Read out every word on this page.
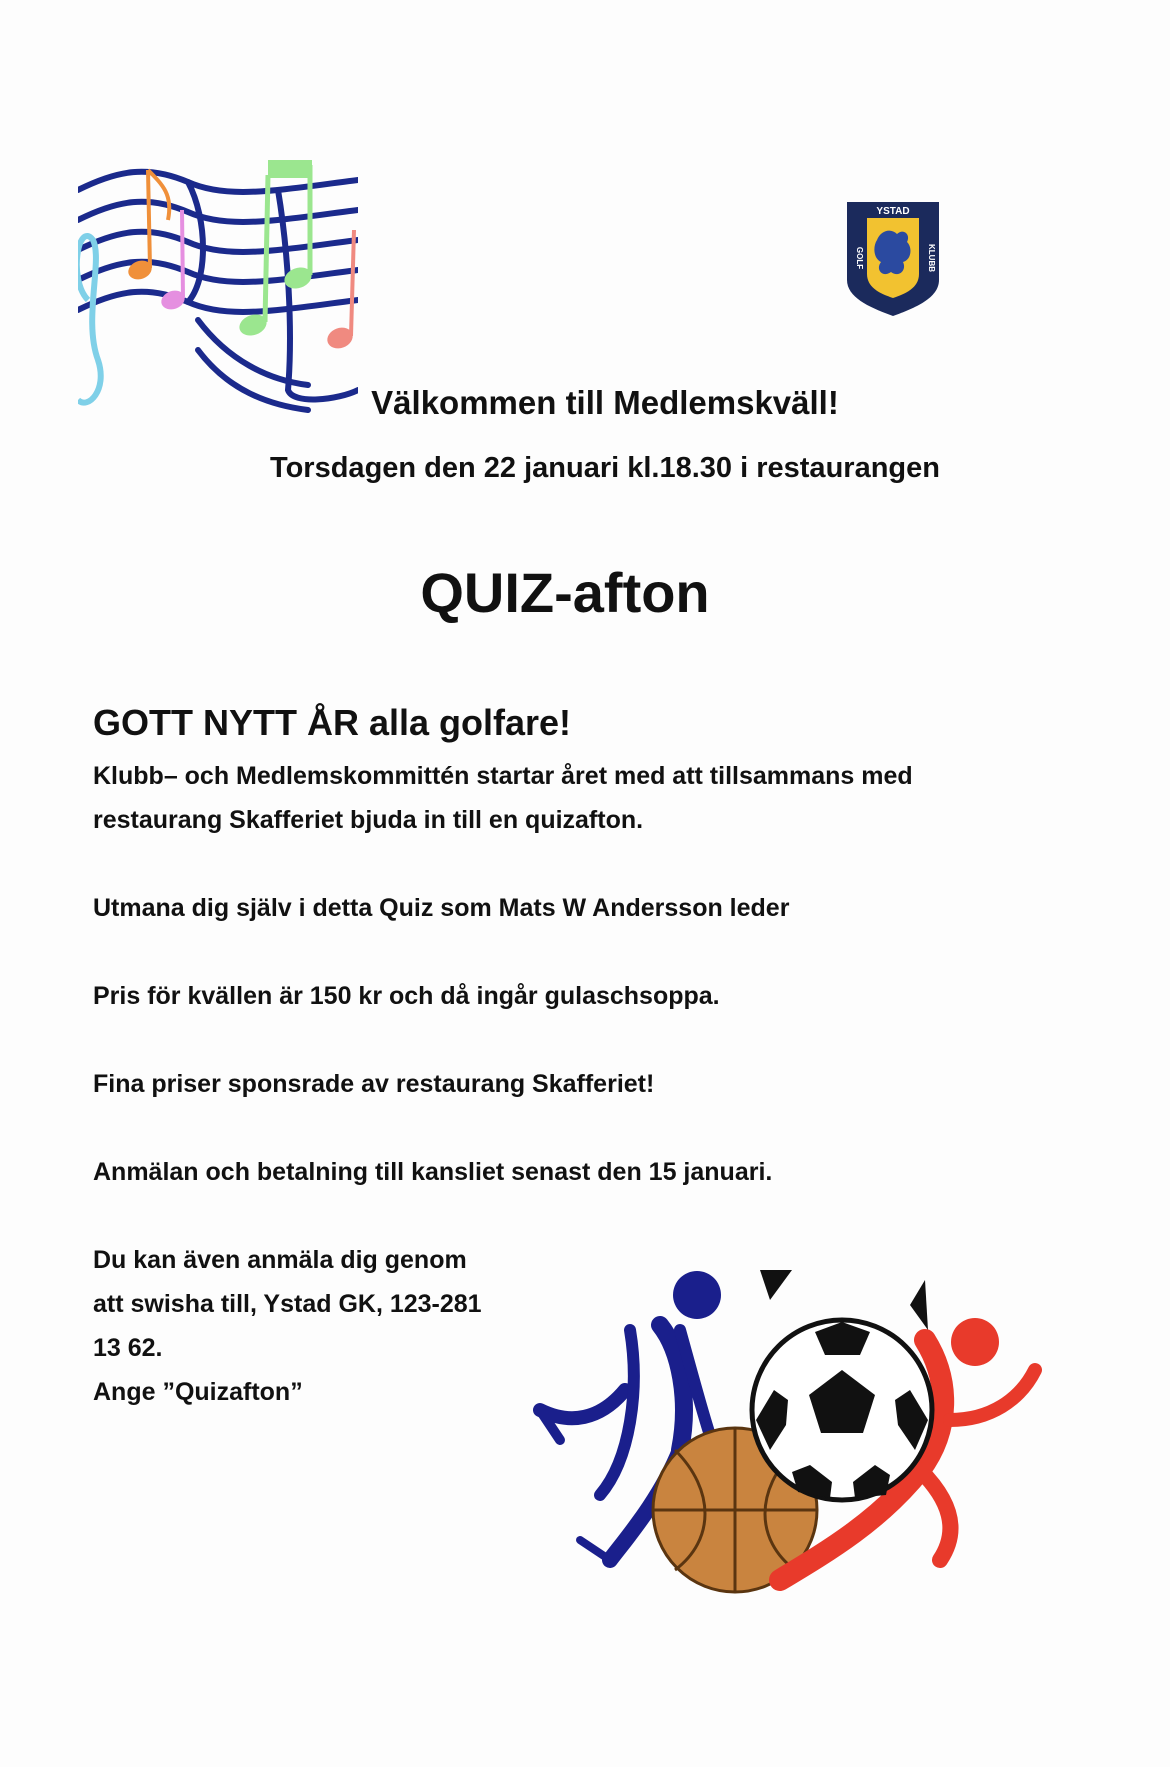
YSTAD
GOLF	KLUBB
Välkommen till Medlemskväll!

Torsdagen den 22 januari kl.18.30 i restaurangen

QUIZ-afton
GOTT NYTT ÅR alla golfare!

Klubb– och Medlemskommittén startar året med att tillsammans med

restaurang Skafferiet bjuda in till en quizafton.

Utmana dig själv i detta Quiz som Mats W Andersson leder

Pris för kvällen är 150 kr och då ingår gulaschsoppa.

Fina priser sponsrade av restaurang Skafferiet!

Anmälan och betalning till kansliet senast den 15 januari.

Du kan även anmäla dig genom

att swisha till, Ystad GK, 123-281

13 62.

Ange ”Quizafton”
